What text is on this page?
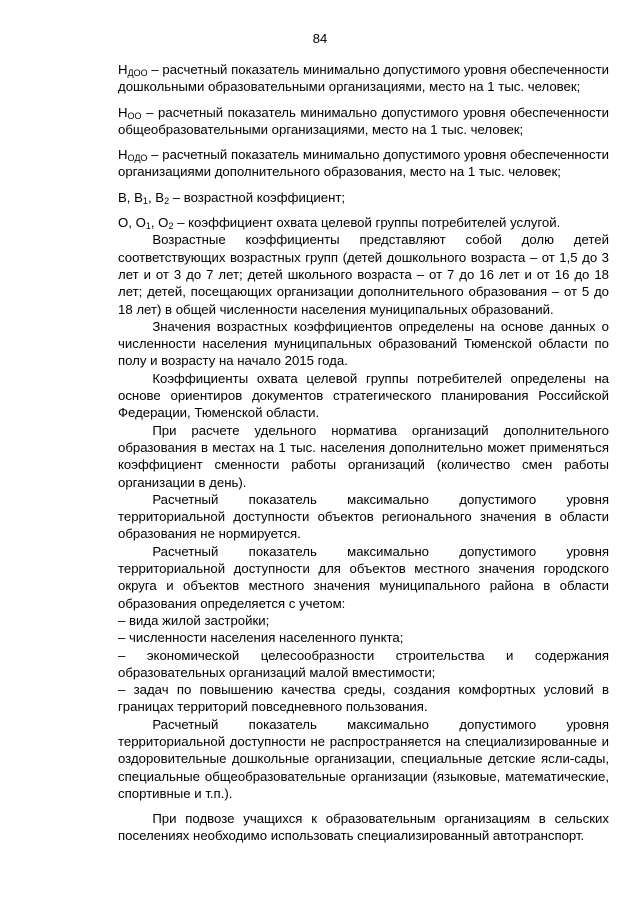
84

$Н_{ДОО}$ – расчетный показатель минимально допустимого уровня обеспеченности дошкольными образовательными организациями, место на 1 тыс. человек;

$Н_{ОО}$ – расчетный показатель минимально допустимого уровня обеспеченности общеобразовательными организациями, место на 1 тыс. человек;

$Н_{ОДО}$ – расчетный показатель минимально допустимого уровня обеспеченности организациями дополнительного образования, место на 1 тыс. человек;

В, $В_1$, $В_2$ – возрастной коэффициент;

О, $О_1$, $О_2$ – коэффициент охвата целевой группы потребителей услугой.

Возрастные коэффициенты представляют собой долю детей соответствующих возрастных групп (детей дошкольного возраста – от 1,5 до 3 лет и от 3 до 7 лет; детей школьного возраста – от 7 до 16 лет и от 16 до 18 лет; детей, посещающих организации дополнительного образования – от 5 до 18 лет) в общей численности населения муниципальных образований.

Значения возрастных коэффициентов определены на основе данных о численности населения муниципальных образований Тюменской области по полу и возрасту на начало 2015 года.

Коэффициенты охвата целевой группы потребителей определены на основе ориентиров документов стратегического планирования Российской Федерации, Тюменской области.

При расчете удельного норматива организаций дополнительного образования в местах на 1 тыс. населения дополнительно может применяться коэффициент сменности работы организаций (количество смен работы организации в день).

Расчетный показатель максимально допустимого уровня территориальной доступности объектов регионального значения в области образования не нормируется.

Расчетный показатель максимально допустимого уровня территориальной доступности для объектов местного значения городского округа и объектов местного значения муниципального района в области образования определяется с учетом:

– вида жилой застройки;

– численности населения населенного пункта;

– экономической целесообразности строительства и содержания образовательных организаций малой вместимости;

– задач по повышению качества среды, создания комфортных условий в границах территорий повседневного пользования.

Расчетный показатель максимально допустимого уровня территориальной доступности не распространяется на специализированные и оздоровительные дошкольные организации, специальные детские ясли-сады, специальные общеобразовательные организации (языковые, математические, спортивные и т.п.).

При подвозе учащихся к образовательным организациям в сельских поселениях необходимо использовать специализированный автотранспорт.
